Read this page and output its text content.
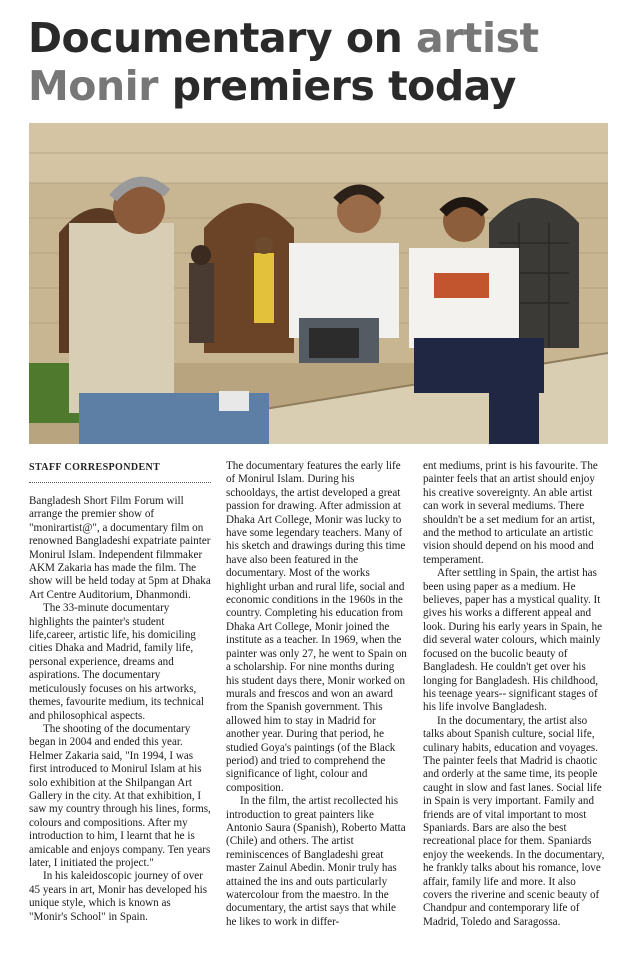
Documentary on artist
Monir premiers today
STAFF CORRESPONDENT

Bangladesh Short Film Forum will arrange the premier show of "monirartist@", a documentary film on renowned Bangladeshi expatriate painter Monirul Islam. Independent filmmaker AKM Zakaria has made the film. The show will be held today at 5pm at Dhaka Art Centre Auditorium, Dhanmondi.

The 33-minute documentary highlights the painter's student life,career, artistic life, his domiciling cities Dhaka and Madrid, family life, personal experience, dreams and aspirations. The documentary meticulously focuses on his artworks, themes, favourite medium, its technical and philosophical aspects.

The shooting of the documentary began in 2004 and ended this year. Helmer Zakaria said, "In 1994, I was first introduced to Monirul Islam at his solo exhibition at the Shilpangan Art Gallery in the city. At that exhibition, I saw my country through his lines, forms, colours and compositions. After my introduction to him, I learnt that he is amicable and enjoys company. Ten years later, I initiated the project."

In his kaleidoscopic journey of over 45 years in art, Monir has developed his unique style, which is known as "Monir's School" in Spain.

The documentary features the early life of Monirul Islam. During his schooldays, the artist developed a great passion for drawing. After admission at Dhaka Art College, Monir was lucky to have some legendary teachers. Many of his sketch and drawings during this time have also been featured in the documentary. Most of the works highlight urban and rural life, social and economic conditions in the 1960s in the country. Completing his education from Dhaka Art College, Monir joined the institute as a teacher. In 1969, when the painter was only 27, he went to Spain on a scholarship. For nine months during his student days there, Monir worked on murals and frescos and won an award from the Spanish government. This allowed him to stay in Madrid for another year. During that period, he studied Goya's paintings (of the Black period) and tried to comprehend the significance of light, colour and composition.

In the film, the artist recollected his introduction to great painters like Antonio Saura (Spanish), Roberto Matta (Chile) and others. The artist reminiscences of Bangladeshi great master Zainul Abedin. Monir truly has attained the ins and outs particularly watercolour from the maestro. In the documentary, the artist says that while he likes to work in differ-

ent mediums, print is his favourite. The painter feels that an artist should enjoy his creative sovereignty. An able artist can work in several mediums. There shouldn't be a set medium for an artist, and the method to articulate an artistic vision should depend on his mood and temperament.

After settling in Spain, the artist has been using paper as a medium. He believes, paper has a mystical quality. It gives his works a different appeal and look. During his early years in Spain, he did several water colours, which mainly focused on the bucolic beauty of Bangladesh. He couldn't get over his longing for Bangladesh. His childhood, his teenage years-- significant stages of his life involve Bangladesh.

In the documentary, the artist also talks about Spanish culture, social life, culinary habits, education and voyages. The painter feels that Madrid is chaotic and orderly at the same time, its people caught in slow and fast lanes. Social life in Spain is very important. Family and friends are of vital important to most Spaniards. Bars are also the best recreational place for them. Spaniards enjoy the weekends. In the documentary, he frankly talks about his romance, love affair, family life and more. It also covers the riverine and scenic beauty of Chandpur and contemporary life of Madrid, Toledo and Saragossa.
